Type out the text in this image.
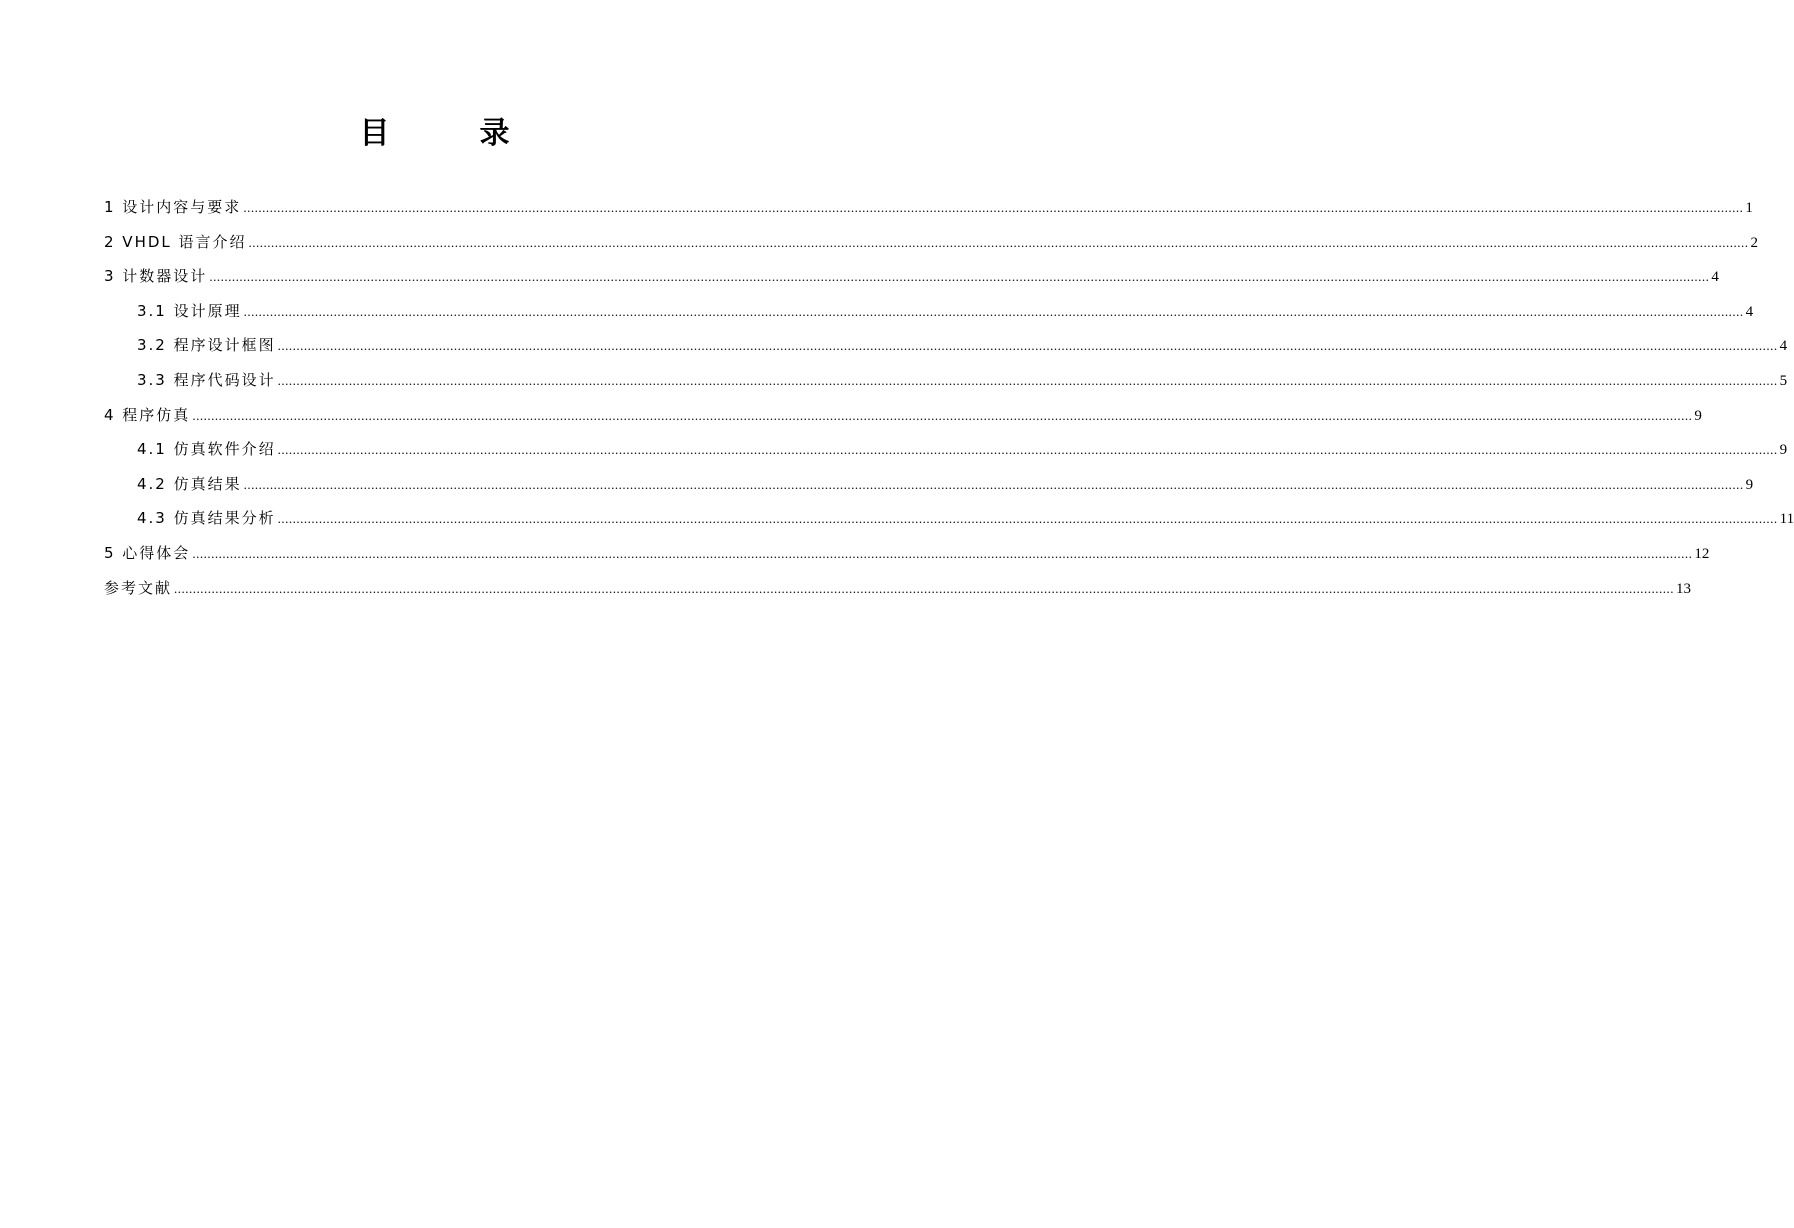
目　录
1 设计内容与要求 ................................................................................................................................................................................................................................................................................................................................................................................................................ 1
2 VHDL 语言介绍 ................................................................................................................................................................................................................................................................................................................................................................................................................ 2
3 计数器设计 ................................................................................................................................................................................................................................................................................................................................................................................................................ 4
3.1 设计原理 ................................................................................................................................................................................................................................................................................................................................................................................................................ 4
3.2 程序设计框图 ................................................................................................................................................................................................................................................................................................................................................................................................................ 4
3.3 程序代码设计 ................................................................................................................................................................................................................................................................................................................................................................................................................ 5
4 程序仿真 ................................................................................................................................................................................................................................................................................................................................................................................................................ 9
4.1 仿真软件介绍 ................................................................................................................................................................................................................................................................................................................................................................................................................ 9
4.2 仿真结果 ................................................................................................................................................................................................................................................................................................................................................................................................................ 9
4.3 仿真结果分析 ................................................................................................................................................................................................................................................................................................................................................................................................................ 11
5 心得体会 ................................................................................................................................................................................................................................................................................................................................................................................................................ 12
参考文献 ................................................................................................................................................................................................................................................................................................................................................................................................................ 13
